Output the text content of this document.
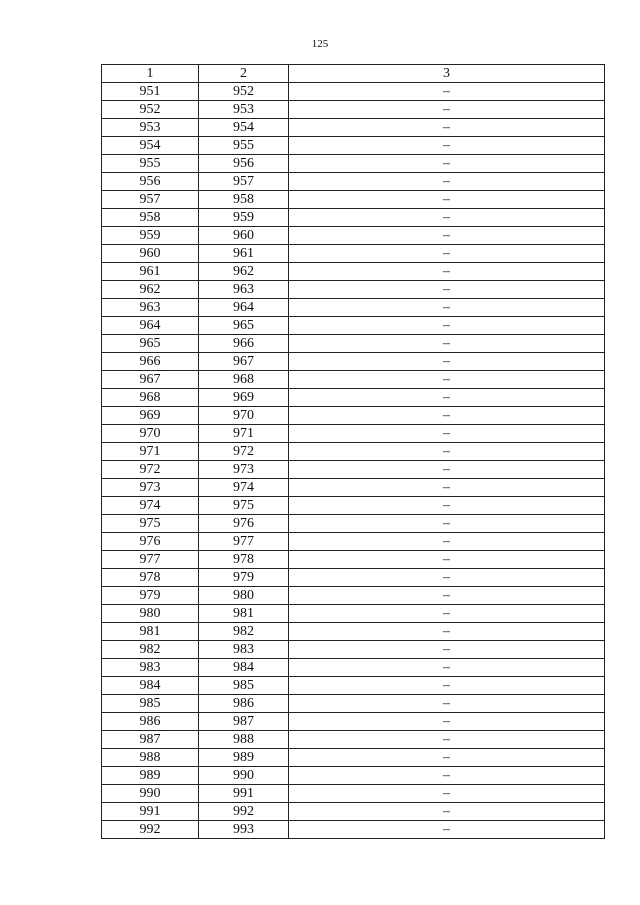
125
1	2	3
951	952	–
952	953	–
953	954	–
954	955	–
955	956	–
956	957	–
957	958	–
958	959	–
959	960	–
960	961	–
961	962	–
962	963	–
963	964	–
964	965	–
965	966	–
966	967	–
967	968	–
968	969	–
969	970	–
970	971	–
971	972	–
972	973	–
973	974	–
974	975	–
975	976	–
976	977	–
977	978	–
978	979	–
979	980	–
980	981	–
981	982	–
982	983	–
983	984	–
984	985	–
985	986	–
986	987	–
987	988	–
988	989	–
989	990	–
990	991	–
991	992	–
992	993	–
